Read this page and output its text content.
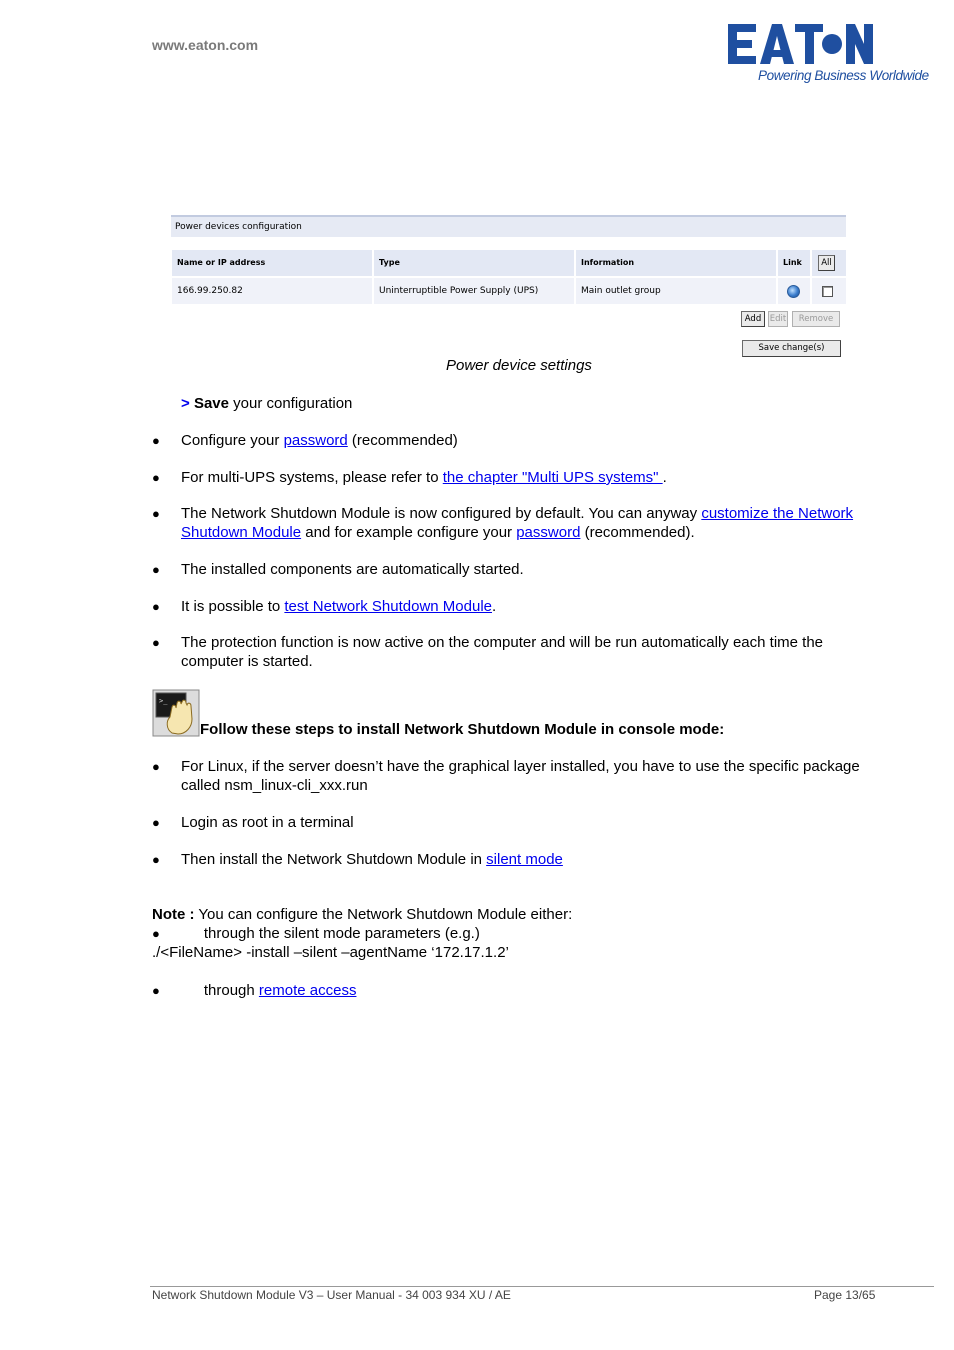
www.eaton.com
Powering Business Worldwide
Power devices configuration
Name or IP address	Type	Information	Link	All
166.99.250.82	Uninterruptible Power Supply (UPS)	Main outlet group
Add	Edit	Remove
Save change(s)
Power device settings
> Save your configuration
● Configure your password (recommended)
● For multi-UPS systems, please refer to the chapter "Multi UPS systems" .
● The Network Shutdown Module is now configured by default. You can anyway customize the Network
Shutdown Module and for example configure your password (recommended).
● The installed components are automatically started.
● It is possible to test Network Shutdown Module.
● The protection function is now active on the computer and will be run automatically each time the
computer is started.
>_
Follow these steps to install Network Shutdown Module in console mode:
● For Linux, if the server doesn’t have the graphical layer installed, you have to use the specific package
called nsm_linux-cli_xxx.run
● Login as root in a terminal
● Then install the Network Shutdown Module in silent mode
Note : You can configure the Network Shutdown Module either:
●	through the silent mode parameters (e.g.)
./<FileName> -install –silent –agentName ‘172.17.1.2’
●	through remote access
Network Shutdown Module V3 – User Manual - 34 003 934 XU / AE	Page 13/65
